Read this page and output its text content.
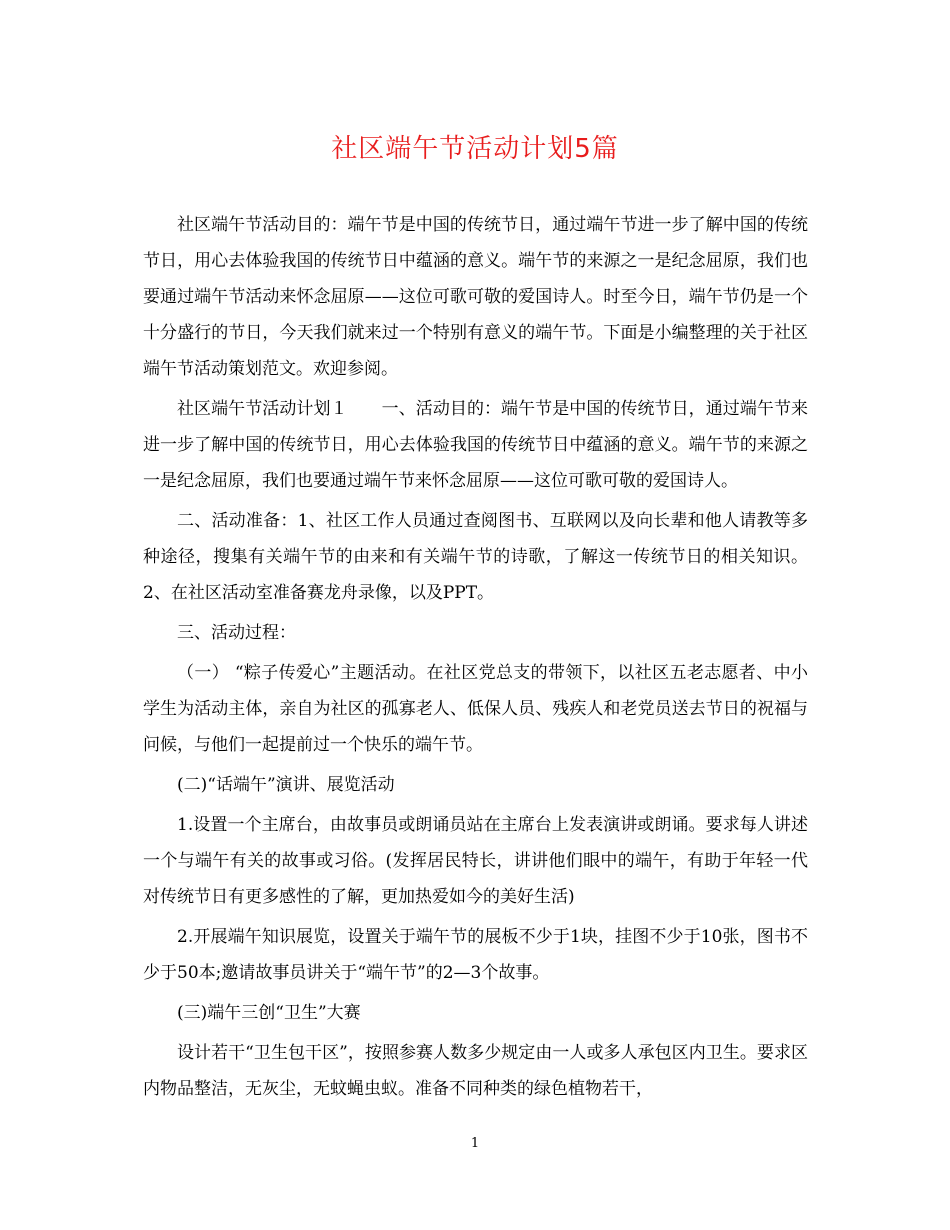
社区端午节活动计划5篇

社区端午节活动目的：端午节是中国的传统节日，通过端午节进一步了解中国的传统节日，用心去体验我国的传统节日中蕴涵的意义。端午节的来源之一是纪念屈原，我们也要通过端午节活动来怀念屈原——这位可歌可敬的爱国诗人。时至今日，端午节仍是一个十分盛行的节日，今天我们就来过一个特别有意义的端午节。下面是小编整理的关于社区端午节活动策划范文。欢迎参阅。

社区端午节活动计划１　　一、活动目的：端午节是中国的传统节日，通过端午节来进一步了解中国的传统节日，用心去体验我国的传统节日中蕴涵的意义。端午节的来源之一是纪念屈原，我们也要通过端午节来怀念屈原——这位可歌可敬的爱国诗人。

二、活动准备：1、社区工作人员通过查阅图书、互联网以及向长辈和他人请教等多种途径，搜集有关端午节的由来和有关端午节的诗歌，了解这一传统节日的相关知识。2、在社区活动室准备赛龙舟录像，以及PPT。

三、活动过程：

（一） “粽子传爱心”主题活动。在社区党总支的带领下，以社区五老志愿者、中小学生为活动主体，亲自为社区的孤寡老人、低保人员、残疾人和老党员送去节日的祝福与问候，与他们一起提前过一个快乐的端午节。

(二)“话端午”演讲、展览活动

1.设置一个主席台，由故事员或朗诵员站在主席台上发表演讲或朗诵。要求每人讲述一个与端午有关的故事或习俗。(发挥居民特长，讲讲他们眼中的端午，有助于年轻一代对传统节日有更多感性的了解，更加热爱如今的美好生活)

2.开展端午知识展览，设置关于端午节的展板不少于1块，挂图不少于10张，图书不少于50本;邀请故事员讲关于“端午节”的2—3个故事。

(三)端午三创“卫生”大赛

设计若干“卫生包干区”，按照参赛人数多少规定由一人或多人承包区内卫生。要求区内物品整洁，无灰尘，无蚊蝇虫蚁。准备不同种类的绿色植物若干，

1
